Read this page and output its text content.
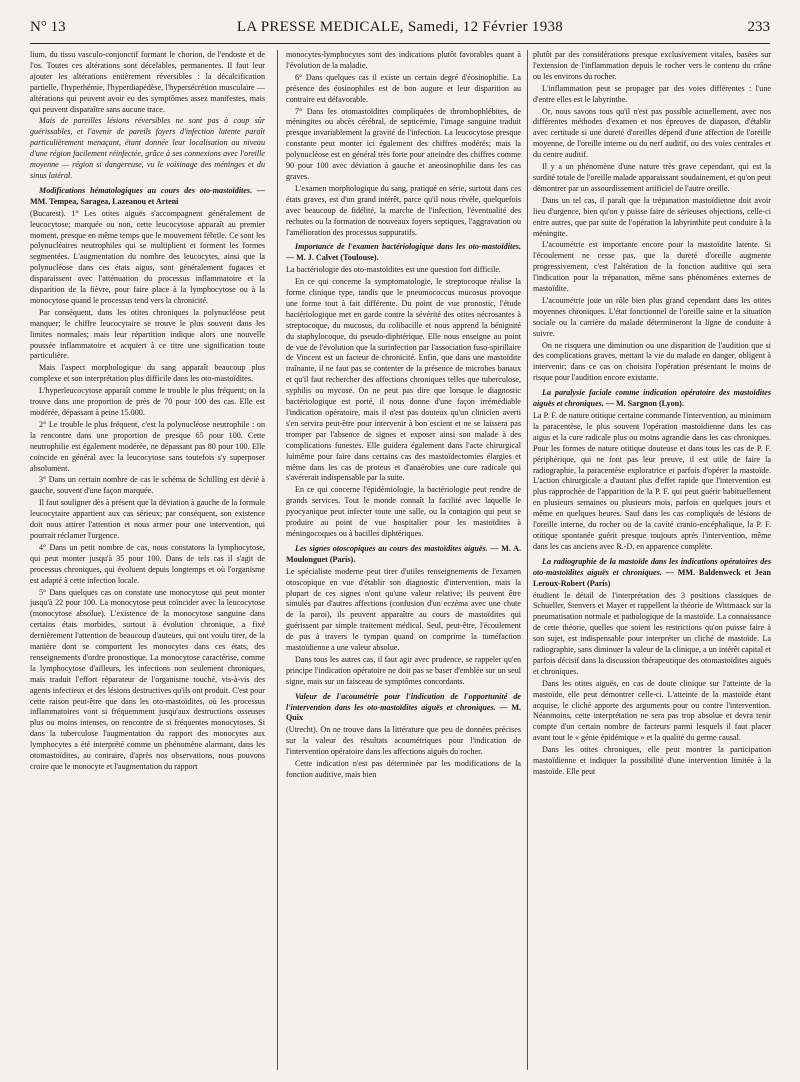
N° 13	LA PRESSE MEDICALE, Samedi, 12 Février 1938	233

lium, du tissu vasculo-conjonctif formant le chorion, de l'endoste et de l'os. Toutes ces altérations sont décelables, permanentes. Il faut leur ajouter les altérations entièrement réversibles : la décalcification partielle, l'hyperhémie, l'hyperdiapédèse, l'hypersécrétion musculaire — altérations qui peuvent avoir eu des symptômes assez manifestes, mais qui peuvent disparaître sans aucune trace.

Mais de pareilles lésions réversibles ne sont pas à coup sûr guérissables, et l'avenir de pareils foyers d'infection latente paraît particulièrement menaçant, étant donnée leur localisation au niveau d'une région facilement réinfectée, grâce à ses connexions avec l'oreille moyenne — région si dangereuse, vu le voisinage des méninges et du sinus latéral.

Modifications hématologiques au cours des oto-mastoïdites. — MM. Tempea, Saragea, Lazeanou et Arteni

(Bucarest). 1° Les otites aiguës s'accompagnent généralement de leucocytose; marquée ou non, cette leucocytose apparaît au premier moment, presque en même temps que le mouvement fébrile. Ce sont les polynucléaires neutrophiles qui se multiplient et forment les formes segmentées. L'augmentation du nombre des leucocytes, ainsi que la polynucléose dans ces états aigus, sont généralement fugaces et disparaissent avec l'atténuation du processus inflammatoire et la disparition de la fièvre, pour faire place à la lymphocytose ou à la monocytose quand le processus tend vers la chronicité.

Par conséquent, dans les otites chroniques la polynucléose peut manquer; le chiffre leucocytaire se trouve le plus souvent dans les limites normales; mais leur répartition indique alors une nouvelle poussée inflammatoire et acquiert à ce titre une signification toute particulière.

Mais l'aspect morphologique du sang apparaît beaucoup plus complexe et son interprétation plus difficile dans les oto-mastoïdites.

L'hyperleucocytose apparaît comme le trouble le plus fréquent; on la trouve dans une proportion de près de 70 pour 100 des cas. Elle est modérée, dépassant à peine 15.000.

2° Le trouble le plus fréquent, c'est la polynucléose neutrophile : on la rencontre dans une proportion de presque 65 pour 100. Cette neutrophilie est également modérée, ne dépassant pas 80 pour 100. Elle coïncide en général avec la leucocytose sans toutefois s'y superposer absolument.

3° Dans un certain nombre de cas le schéma de Schilling est dévié à gauche, souvent d'une façon marquée.

Il faut souligner dès à présent que la déviation à gauche de la formule leucocytaire appartient aux cas sérieux; par conséquent, son existence doit nous attirer l'attention et nous armer pour une intervention, qui pourrait réclamer l'urgence.

4° Dans un petit nombre de cas, nous constatons la lymphocytose, qui peut monter jusqu'à 35 pour 100. Dans de tels cas il s'agit de processus chroniques, qui évoluent depuis longtemps et où l'organisme est adapté à cette infection locale.

5° Dans quelques cas on constate une monocytose qui peut monter jusqu'à 22 pour 100. La monocytose peut coïncider avec la leucocytose (monocytose absolue). L'existence de la monocytose sanguine dans certains états morbides, surtout à évolution chronique, a fixé dernièrement l'attention de beaucoup d'auteurs, qui ont voulu tirer, de la manière dont se comportent les monocytes dans ces états, des renseignements d'ordre pronostique. La monocytose caractérise, comme la lymphocytose d'ailleurs, les infections non seulement chroniques, mais traduit l'effort réparateur de l'organisme touché, vis-à-vis des agents infectieux et des lésions destructives qu'ils ont produit. C'est pour cette raison peut-être que dans les oto-mastoïdites, où les processus inflammatoires vont si fréquemment jusqu'aux destructions osseuses plus ou moins intenses, on rencontre de si fréquentes monocytoses. Si dans la tuberculose l'augmentation du rapport des monocytes aux lymphocytes a été interprété comme un phénomène alarmant, dans les otomastoïdites, au contraire, d'après nos observations, nous pouvons croire que le monocyte et l'augmentation du rapport

monocytes-lymphocytes sont des indications plutôt favorables quant à l'évolution de la maladie.

6° Dans quelques cas il existe un certain degré d'éosinophilie. La présence des éosinophiles est de bon augure et leur disparition au contraire est défavorable.

7° Dans les otomastoïdites compliquées de thrombophlébites, de méningites ou abcès cérébral, de septicémie, l'image sanguine traduit presque invariablement la gravité de l'infection. La leucocytose presque constante peut monter ici également des chiffres modérés; mais la polynucléose est en général très forte pour atteindre des chiffres comme 90 pour 100 avec déviation à gauche et aneosinophilie dans les cas graves.

L'examen morphologique du sang, pratiqué en série, surtout dans ces états graves, est d'un grand intérêt, parce qu'il nous révèle, quelquefois avec beaucoup de fidélité, la marche de l'infection, l'éventualité des rechutes ou la formation de nouveaux foyers septiques, l'aggravation ou l'amélioration des processus suppuratifs.

Importance de l'examen bactériologique dans les oto-mastoïdites. — M. J. Calvet (Toulouse).

La bactériologie des oto-mastoïdites est une question fort difficile.

En ce qui concerne la symptomatologie, le streptocoque réalise la forme clinique type, tandis que le pneumococcus mucosus provoque une forme tout à fait différente. Du point de vue pronostic, l'étude bactériologique met en garde contre la sévérité des otites nécrosantes à streptocoque, du mucosus, du colibacille et nous apprend la bénignité du staphylocoque, du pseudo-diphtérique. Elle nous enseigne au point de vue de l'évolution que la surinfection par l'association fuso-spirillaire de Vincent est un facteur de chronicité. Enfin, que dans une mastoïdite traînante, il ne faut pas se contenter de la présence de microbes banaux et qu'il faut rechercher des affections chroniques telles que tuberculose, syphilis ou mycose. On ne peut pas dire que lorsque le diagnostic bactériologique est porté, il nous donne d'une façon irrémédiable l'indication opératoire, mais il n'est pas douteux qu'un clinicien averti s'en servira peut-être pour intervenir à bon escient et ne se laissera pas tromper par l'absence de signes et exposer ainsi son malade à des complications funestes. Elle guidera également dans l'acte chirurgical luimême pour faire dans certains cas des mastoïdectomies élargies et même dans les cas de proteus et d'anaérobies une cure radicale qui s'avérerait indispensable par la suite.

En ce qui concerne l'épidémiologie, la bactériologie peut rendre de grands services. Tout le monde connaît la facilité avec laquelle le pyocyanique peut infecter toute une salle, ou la contagion qui peut se produire au point de vue hospitalier pour les mastoïdites à méningocoques ou à bacilles diphtériques.

Les signes otoscopiques au cours des mastoïdites aiguës. — M. A. Moulonguet (Paris).

Le spécialiste moderne peut tirer d'utiles renseignements de l'examen otoscopique en vue d'établir son diagnostic d'intervention, mais la plupart de ces signes n'ont qu'une valeur relative; ils peuvent être simulés par d'autres affections (confusion d'un eczéma avec une chute de la paroi), ils peuvent apparaître au cours de mastoïdites qui guérissent par simple traitement médical. Seul, peut-être, l'écoulement de pus à travers le tympan quand on comprime la tuméfaction mastoïdienne a une valeur absolue.

Dans tous les autres cas, il faut agir avec prudence, se rappeler qu'en principe l'indication opératoire ne doit pas se baser d'emblée sur un seul signe, mais sur un faisceau de symptômes concordants.

Valeur de l'acoumétrie pour l'indication de l'opportunité de l'intervention dans les oto-mastoïdites aiguës et chroniques. — M. Quix

(Utrecht). On ne trouve dans la littérature que peu de données précises sur la valeur des résultats acoumétriques pour l'indication de l'intervention opératoire dans les affections aiguës du rocher.

Cette indication n'est pas déterminée par les modifications de la fonction auditive, mais bien

plutôt par des considérations presque exclusivement vitales, basées sur l'extension de l'inflammation depuis le rocher vers le contenu du crâne ou les environs du rocher.

L'inflammation peut se propager par des voies différentes : l'une d'entre elles est le labyrinthe.

Or, nous savons tous qu'il n'est pas possible actuellement, avec nos différentes méthodes d'examen et nos épreuves de diapason, d'établir avec certitude si une dureté d'oreilles dépend d'une affection de l'oreille moyenne, de l'oreille interne ou du nerf auditif, ou des voies centrales et du centre auditif.

Il y a un phénomène d'une nature très grave cependant, qui est la surdité totale de l'oreille malade apparaissant soudainement, et qu'on peut démontrer par un assourdissement artificiel de l'autre oreille.

Dans un tel cas, il paraît que la trépanation mastoïdienne doit avoir lieu d'urgence, bien qu'on y puisse faire de sérieuses objections, celle-ci entre autres, que par suite de l'opération la labyrinthite peut conduire à la méningite.

L'acoumétrie est importante encore pour la mastoïdite latente. Si l'écoulement ne cesse pas, que la dureté d'oreille augmente progressivement, c'est l'altération de la fonction auditive qui sera l'indication pour la trépanation, même sans phénomènes externes de mastoïdite.

L'acoumétrie joue un rôle bien plus grand cependant dans les otites moyennes chroniques. L'état fonctionnel de l'oreille saine et la situation sociale ou la carrière du malade détermineront la ligne de conduite à suivre.

On ne risquera une diminution ou une disparition de l'audition que si des complications graves, mettant la vie du malade en danger, obligent à intervenir; dans ce cas on choisira l'opération présentant le moins de risque pour l'audition encore existante.

La paralysie faciale comme indication opératoire des mastoïdites aiguës et chroniques. — M. Sargnon (Lyon).

La P. F. de nature otitique certaine commande l'intervention, au minimum la paracentèse, le plus souvent l'opération mastoïdienne dans les cas aigus et la cure radicale plus ou moins agrandie dans les cas chroniques. Pour les formes de nature otitique douteuse et dans tous les cas de P. F. périphérique, qui ne font pas leur preuve, il est utile de faire la radiographie, la paracentèse exploratrice et parfois d'opérer la mastoïde. L'action chirurgicale a d'autant plus d'effet rapide que l'intervention est plus rapprochée de l'apparition de la P. F. qui peut guérir habituellement en plusieurs semaines ou plusieurs mois, parfois en quelques jours et même en quelques heures. Sauf dans les cas compliqués de lésions de l'oreille interne, du rocher ou de la cavité cranio-encéphalique, la P. F. otitique spontanée guérit presque toujours après l'intervention, même dans les cas anciens avec R.-D. en apparence complète.

La radiographie de la mastoïde dans les indications opératoires des oto-mastoïdites aiguës et chroniques. — MM. Baldenweck et Jean Leroux-Robert (Paris)

étudient le détail de l'interprétation des 3 positions classiques de Schueller, Stenvers et Mayer et rappellent la théorie de Wittmaack sur la pneumatisation normale et pathologique de la mastoïde. La connaissance de cette théorie, quelles que soient les restrictions qu'on puisse faire à son sujet, est indispensable pour interpréter un cliché de mastoïde. La radiographie, sans diminuer la valeur de la clinique, a un intérêt capital et parfois décisif dans la discussion thérapeutique des otomastoïdites aiguës et chroniques.

Dans les otites aiguës, en cas de doute clinique sur l'atteinte de la mastoïde, elle peut démontrer celle-ci. L'atteinte de la mastoïde étant acquise, le cliché apporte des arguments pour ou contre l'intervention. Néanmoins, cette interprétation ne sera pas trop absolue et devra tenir compte d'un certain nombre de facteurs parmi lesquels il faut placer avant tout le « génie épidémique » et la qualité du germe causal.

Dans les otites chroniques, elle peut montrer la participation mastoïdienne et indiquer la possibilité d'une intervention limitée à la mastoïde. Elle peut
